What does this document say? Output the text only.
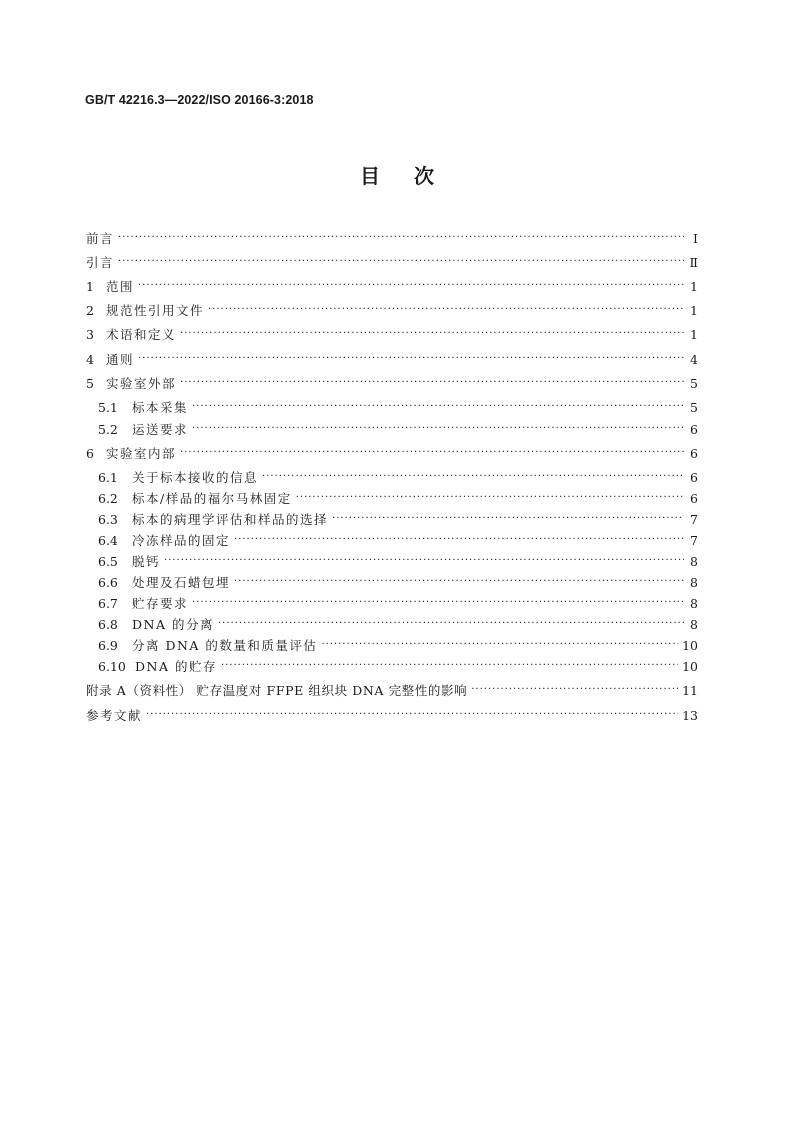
GB/T 42216.3—2022/ISO 20166-3:2018
目 次
前言 ·····	Ⅰ
引言 ·····	Ⅱ
1 范围 ·····	1
2 规范性引用文件 ·····	1
3 术语和定义 ·····	1
4 通则 ·····	4
5 实验室外部 ·····	5
5.1	标本采集 ·····	5
5.2	运送要求 ·····	6
6 实验室内部 ·····	6
6.1	关于标本接收的信息 ·····	6
6.2	标本/样品的福尔马林固定 ·····	6
6.3	标本的病理学评估和样品的选择 ·····	7
6.4	冷冻样品的固定 ·····	7
6.5	脱钙 ·····	8
6.6	处理及石蜡包埋 ·····	8
6.7	贮存要求 ·····	8
6.8	DNA 的分离 ·····	8
6.9	分离 DNA 的数量和质量评估 ·····	10
6.10 DNA 的贮存 ·····	10
附录 A（资料性） 贮存温度对 FFPE 组织块 DNA 完整性的影响 ·····	11
参考文献 ·····	13
